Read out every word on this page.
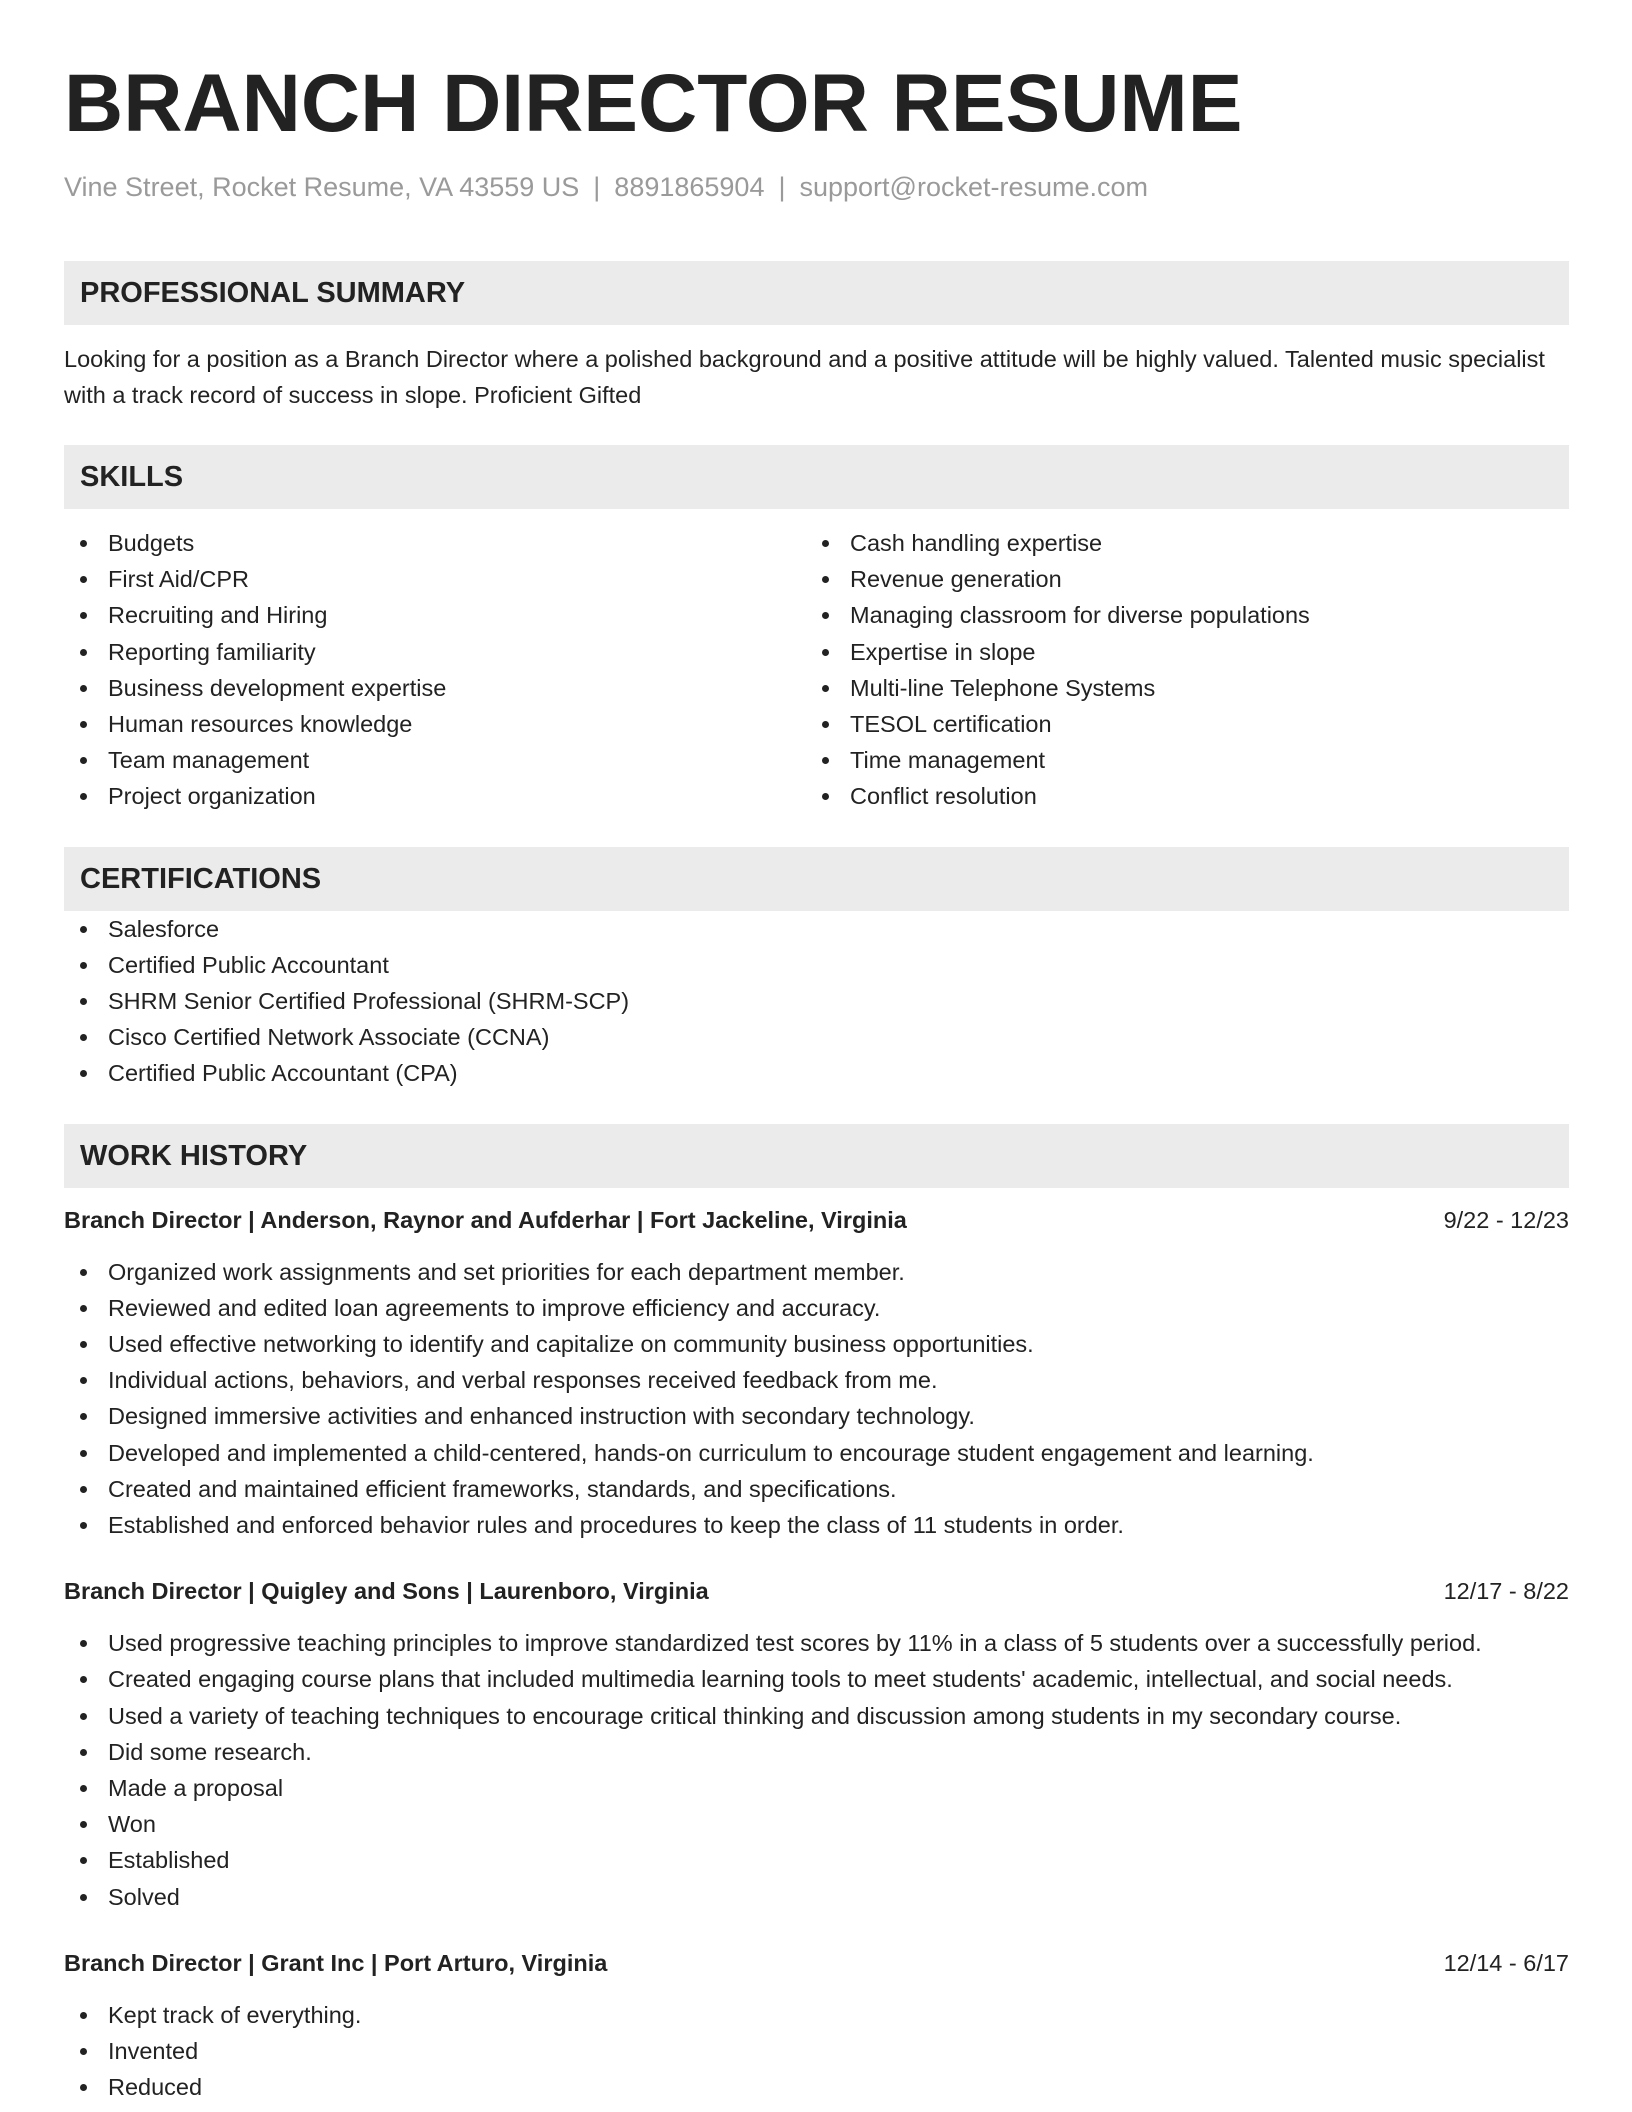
BRANCH DIRECTOR RESUME
Vine Street, Rocket Resume, VA 43559 US | 8891865904 | support@rocket-resume.com
PROFESSIONAL SUMMARY
Looking for a position as a Branch Director where a polished background and a positive attitude will be highly valued. Talented music specialist with a track record of success in slope. Proficient Gifted
SKILLS
Budgets
First Aid/CPR
Recruiting and Hiring
Reporting familiarity
Business development expertise
Human resources knowledge
Team management
Project organization
Cash handling expertise
Revenue generation
Managing classroom for diverse populations
Expertise in slope
Multi-line Telephone Systems
TESOL certification
Time management
Conflict resolution
CERTIFICATIONS
Salesforce
Certified Public Accountant
SHRM Senior Certified Professional (SHRM-SCP)
Cisco Certified Network Associate (CCNA)
Certified Public Accountant (CPA)
WORK HISTORY
Branch Director | Anderson, Raynor and Aufderhar | Fort Jackeline, Virginia	9/22 - 12/23
Organized work assignments and set priorities for each department member.
Reviewed and edited loan agreements to improve efficiency and accuracy.
Used effective networking to identify and capitalize on community business opportunities.
Individual actions, behaviors, and verbal responses received feedback from me.
Designed immersive activities and enhanced instruction with secondary technology.
Developed and implemented a child-centered, hands-on curriculum to encourage student engagement and learning.
Created and maintained efficient frameworks, standards, and specifications.
Established and enforced behavior rules and procedures to keep the class of 11 students in order.
Branch Director | Quigley and Sons | Laurenboro, Virginia	12/17 - 8/22
Used progressive teaching principles to improve standardized test scores by 11% in a class of 5 students over a successfully period.
Created engaging course plans that included multimedia learning tools to meet students' academic, intellectual, and social needs.
Used a variety of teaching techniques to encourage critical thinking and discussion among students in my secondary course.
Did some research.
Made a proposal
Won
Established
Solved
Branch Director | Grant Inc | Port Arturo, Virginia	12/14 - 6/17
Kept track of everything.
Invented
Reduced
